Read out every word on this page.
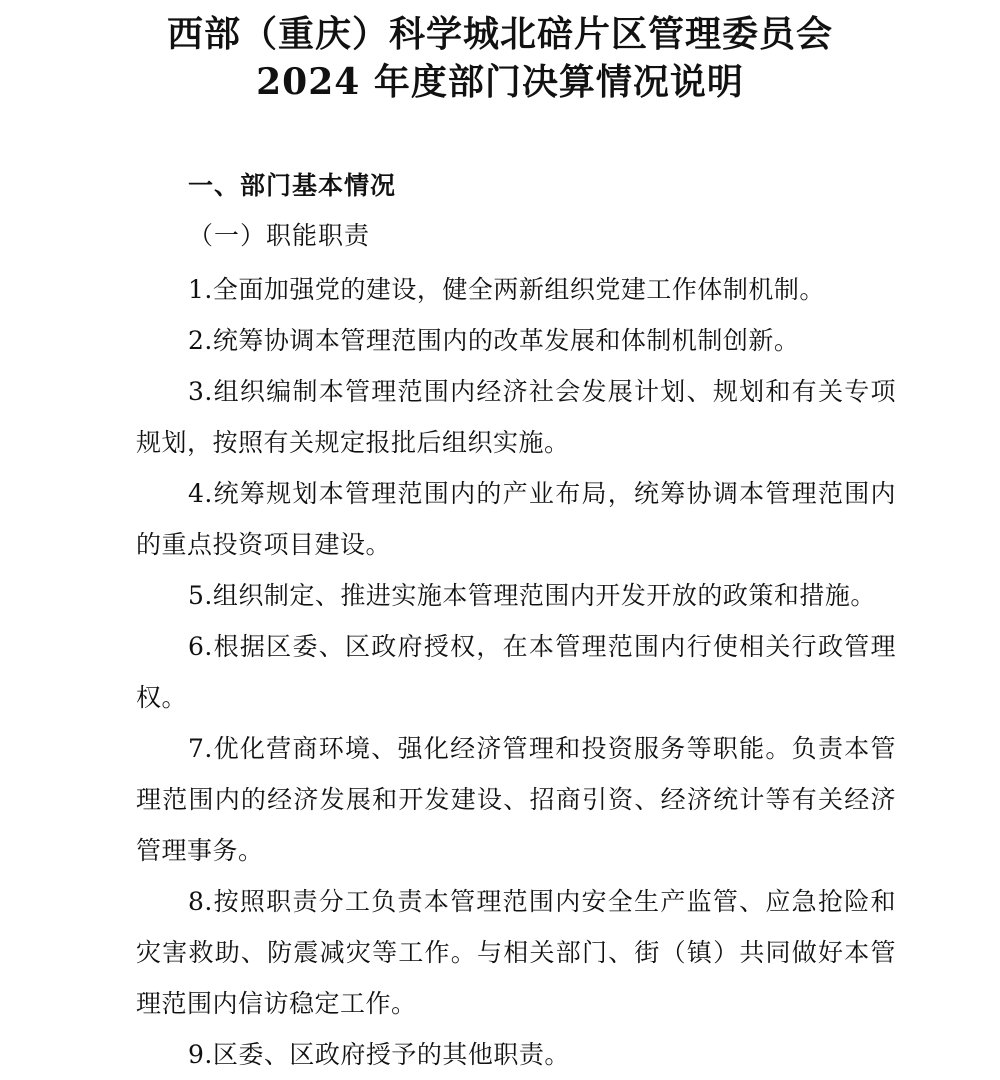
西部（重庆）科学城北碚片区管理委员会
2024 年度部门决算情况说明
一、部门基本情况
（一）职能职责

1.全面加强党的建设，健全两新组织党建工作体制机制。

2.统筹协调本管理范围内的改革发展和体制机制创新。

3.组织编制本管理范围内经济社会发展计划、规划和有关专项规划，按照有关规定报批后组织实施。

4.统筹规划本管理范围内的产业布局，统筹协调本管理范围内的重点投资项目建设。

5.组织制定、推进实施本管理范围内开发开放的政策和措施。

6.根据区委、区政府授权，在本管理范围内行使相关行政管理权。

7.优化营商环境、强化经济管理和投资服务等职能。负责本管理范围内的经济发展和开发建设、招商引资、经济统计等有关经济管理事务。

8.按照职责分工负责本管理范围内安全生产监管、应急抢险和灾害救助、防震减灾等工作。与相关部门、街（镇）共同做好本管理范围内信访稳定工作。

9.区委、区政府授予的其他职责。
